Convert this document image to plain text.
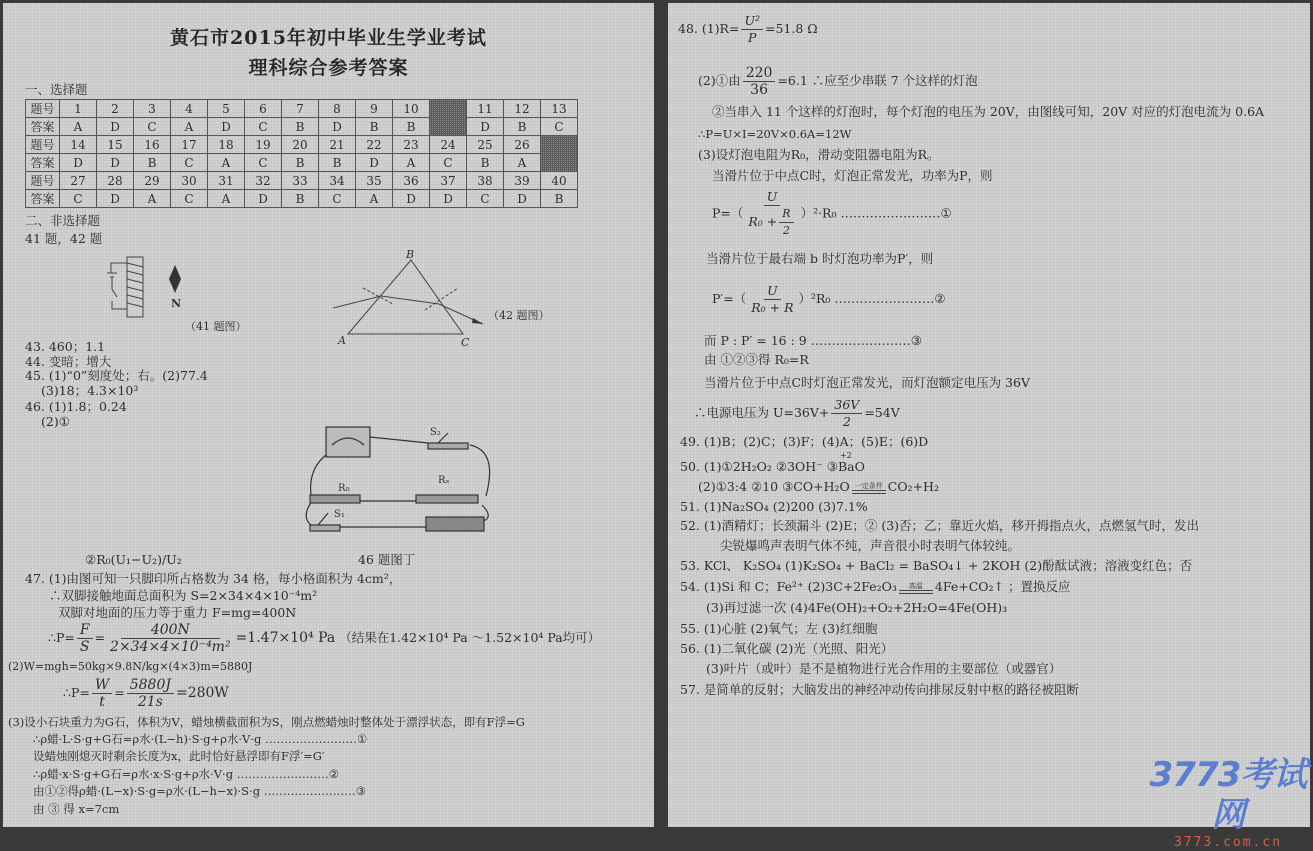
黄石市2015年初中毕业生学业考试
理科综合参考答案
一、选择题
题号	1	2	3	4	5	6	7	8	9	10		11	12	13
答案	A	D	C	A	D	C	B	D	B	B		D	B	C
题号	14	15	16	17	18	19	20	21	22	23	24	25	26	
答案	D	D	B	C	A	C	B	B	D	A	C	B	A	
题号	27	28	29	30	31	32	33	34	35	36	37	38	39	40
答案	C	D	A	C	A	D	B	C	A	D	D	C	D	B
二、非选择题
41 题，42 题
N
（41 题图）
A
B
C
（42 题图）
43. 460；1.1
44. 变暗；增大
45. (1)“0”刻度处；右。(2)77.4
(3)18；4.3×10³
46. (1)1.8；0.24
(2)①
R₀
Rₓ
S₁
S₂
②R₀(U₁−U₂)/U₂	46 题图丁
47. (1)由图可知一只脚印所占格数为 34 格，每小格面积为 4cm²，
∴双脚接触地面总面积为 S=2×34×4×10⁻⁴m²
双脚对地面的压力等于重力 F=mg=400N
∴P= $\frac{F}{S} = \frac{400N}{\text{2×34×4×10⁻⁴m²}} =1.47\times 10^4$ Pa （结果在1.42×10⁴ Pa ～1.52×10⁴ Pa均可）
(2)W=mgh=50kg×9.8N/kg×(4×3)m=5880J
∴P= $\frac{W}{t} = \frac{5880J}{21s} =280W$
(3)设小石块重力为G石，体积为V，蜡烛横截面积为S，刚点燃蜡烛时整体处于漂浮状态，即有F浮=G
∴ρ蜡·L·S·g+G石=ρ水·(L−h)·S·g+ρ水·V·g ……………………①
设蜡烛刚熄灭时剩余长度为x，此时恰好悬浮即有F浮′=G′
∴ρ蜡·x·S·g+G石=ρ水·x·S·g+ρ水·V·g ……………………②
由①②得ρ蜡·(L−x)·S·g=ρ水·(L−h−x)·S·g ……………………③
由 ③ 得 x=7cm
48. $(1)R= \frac{\text{U²}}{P} =51.8$ Ω
(2)①由 $\frac{220}{36} =6.1$ ∴应至少串联 7 个这样的灯泡
②当串入 11 个这样的灯泡时，每个灯泡的电压为 20V，由图线可知，20V 对应的灯泡电流为 0.6A
∴P=U×I=20V×0.6A=12W
(3)设灯泡电阻为R₀，滑动变阻器电阻为R。
当滑片位于中点C时，灯泡正常发光，功率为P，则
$P=( \frac{U}{R_0 + \frac{R}{2}} )^2\cdot R_0$ ……………………①
当滑片位于最右端 b 时灯泡功率为P′，则
$P'=( \frac{U}{\text{R₀ + R}} )^2R_0$ ……………………②
而 P : P′ = 16 : 9 ……………………③
由 ①②③得 R₀=R
当滑片位于中点C时灯泡正常发光，而灯泡额定电压为 36V
∴电源电压为 $U=36V+ \frac{36V}{2} =54V$
49. (1)B；(2)C；(3)F；(4)A；(5)E；(6)D
50. (1)①2H₂O₂ ②3OH⁻ ③
+2
BaO
(2)①3:4 ②10 ③CO+H₂O 一定条件 CO₂+H₂
51. (1)Na₂SO₄ (2)200 (3)7.1%
52. (1)酒精灯；长颈漏斗 (2)E；② (3)否；乙；靠近火焰，移开拇指点火，点燃氢气时，发出
尖锐爆鸣声表明气体不纯，声音很小时表明气体较纯。
53. KCl、 K₂SO₄ (1)K₂SO₄ + BaCl₂ = BaSO₄↓ + 2KOH (2)酚酞试液；溶液变红色；否
54. (1)Si 和 C；Fe²⁺ (2)3C+2Fe₂O₃ 高温 4Fe+CO₂↑ ；置换反应
(3)再过滤一次 (4)4Fe(OH)₂+O₂+2H₂O=4Fe(OH)₃
55. (1)心脏 (2)氧气；左 (3)红细胞
56. (1)二氧化碳 (2)光（光照、阳光）
(3)叶片（或叶）是不是植物进行光合作用的主要部位（或器官）
57. 是简单的反射；大脑发出的神经冲动传向排尿反射中枢的路径被阻断
3773考试网
3773.com.cn
